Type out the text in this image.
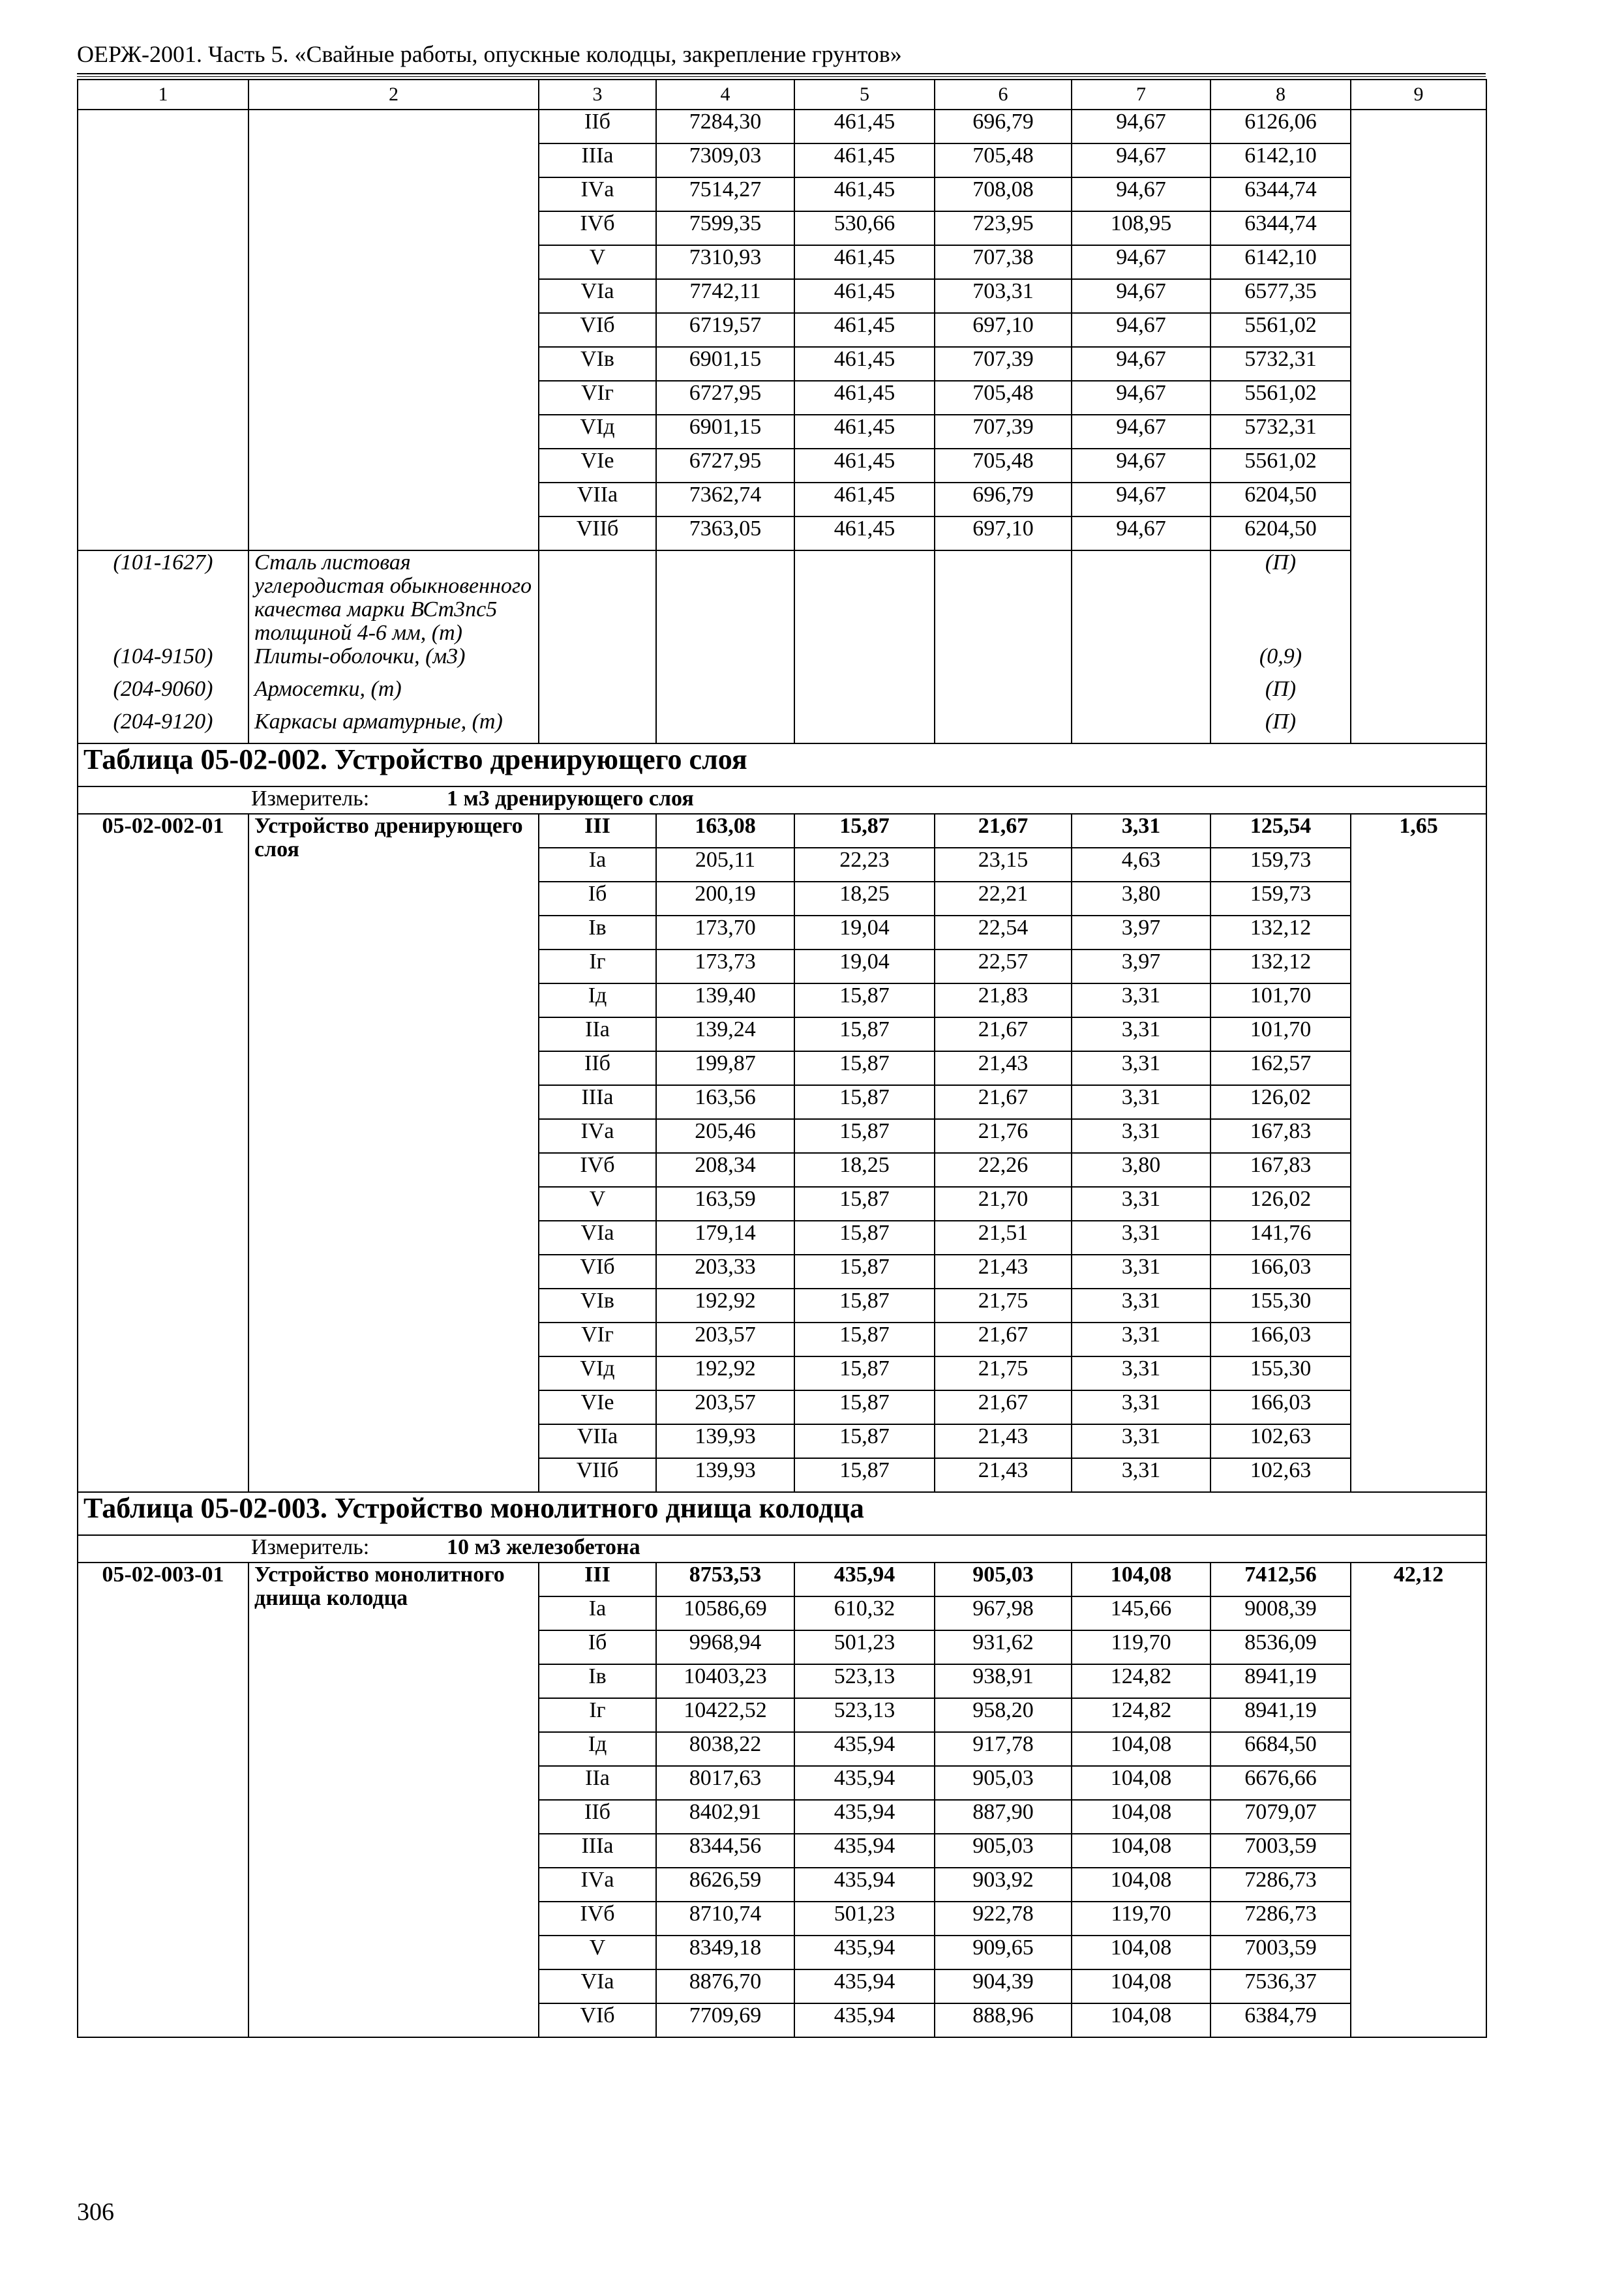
ОЕРЖ-2001. Часть 5. «Свайные работы, опускные колодцы, закрепление грунтов»
1	2	3	4	5	6	7	8	9
		IIб	7284,30	461,45	696,79	94,67	6126,06	
		IIIа	7309,03	461,45	705,48	94,67	6142,10	
		IVа	7514,27	461,45	708,08	94,67	6344,74	
		IVб	7599,35	530,66	723,95	108,95	6344,74	
		V	7310,93	461,45	707,38	94,67	6142,10	
		VIа	7742,11	461,45	703,31	94,67	6577,35	
		VIб	6719,57	461,45	697,10	94,67	5561,02	
		VIв	6901,15	461,45	707,39	94,67	5732,31	
		VIг	6727,95	461,45	705,48	94,67	5561,02	
		VIд	6901,15	461,45	707,39	94,67	5732,31	
		VIе	6727,95	461,45	705,48	94,67	5561,02	
		VIIа	7362,74	461,45	696,79	94,67	6204,50	
		VIIб	7363,05	461,45	697,10	94,67	6204,50	
(101-1627)	Сталь листовая углеродистая обыкновенного качества марки ВСт3пс5 толщиной 4-6 мм, (т)						(П)	
(104-9150)	Плиты-оболочки, (м3)						(0,9)	
(204-9060)	Армосетки, (т)						(П)	
(204-9120)	Каркасы арматурные, (т)						(П)	
Таблица 05-02-002. Устройство дренирующего слоя								
Измеритель: 1 м3 дренирующего слоя								
05-02-002-01	Устройство дренирующего слоя	III	163,08	15,87	21,67	3,31	125,54	1,65
		Iа	205,11	22,23	23,15	4,63	159,73	
		Iб	200,19	18,25	22,21	3,80	159,73	
		Iв	173,70	19,04	22,54	3,97	132,12	
		Iг	173,73	19,04	22,57	3,97	132,12	
		Iд	139,40	15,87	21,83	3,31	101,70	
		IIа	139,24	15,87	21,67	3,31	101,70	
		IIб	199,87	15,87	21,43	3,31	162,57	
		IIIа	163,56	15,87	21,67	3,31	126,02	
		IVа	205,46	15,87	21,76	3,31	167,83	
		IVб	208,34	18,25	22,26	3,80	167,83	
		V	163,59	15,87	21,70	3,31	126,02	
		VIа	179,14	15,87	21,51	3,31	141,76	
		VIб	203,33	15,87	21,43	3,31	166,03	
		VIв	192,92	15,87	21,75	3,31	155,30	
		VIг	203,57	15,87	21,67	3,31	166,03	
		VIд	192,92	15,87	21,75	3,31	155,30	
		VIе	203,57	15,87	21,67	3,31	166,03	
		VIIа	139,93	15,87	21,43	3,31	102,63	
		VIIб	139,93	15,87	21,43	3,31	102,63	
Таблица 05-02-003. Устройство монолитного днища колодца								
Измеритель: 10 м3 железобетона								
05-02-003-01	Устройство монолитного днища колодца	III	8753,53	435,94	905,03	104,08	7412,56	42,12
		Iа	10586,69	610,32	967,98	145,66	9008,39	
		Iб	9968,94	501,23	931,62	119,70	8536,09	
		Iв	10403,23	523,13	938,91	124,82	8941,19	
		Iг	10422,52	523,13	958,20	124,82	8941,19	
		Iд	8038,22	435,94	917,78	104,08	6684,50	
		IIа	8017,63	435,94	905,03	104,08	6676,66	
		IIб	8402,91	435,94	887,90	104,08	7079,07	
		IIIа	8344,56	435,94	905,03	104,08	7003,59	
		IVа	8626,59	435,94	903,92	104,08	7286,73	
		IVб	8710,74	501,23	922,78	119,70	7286,73	
		V	8349,18	435,94	909,65	104,08	7003,59	
		VIа	8876,70	435,94	904,39	104,08	7536,37	
		VIб	7709,69	435,94	888,96	104,08	6384,79	
306
